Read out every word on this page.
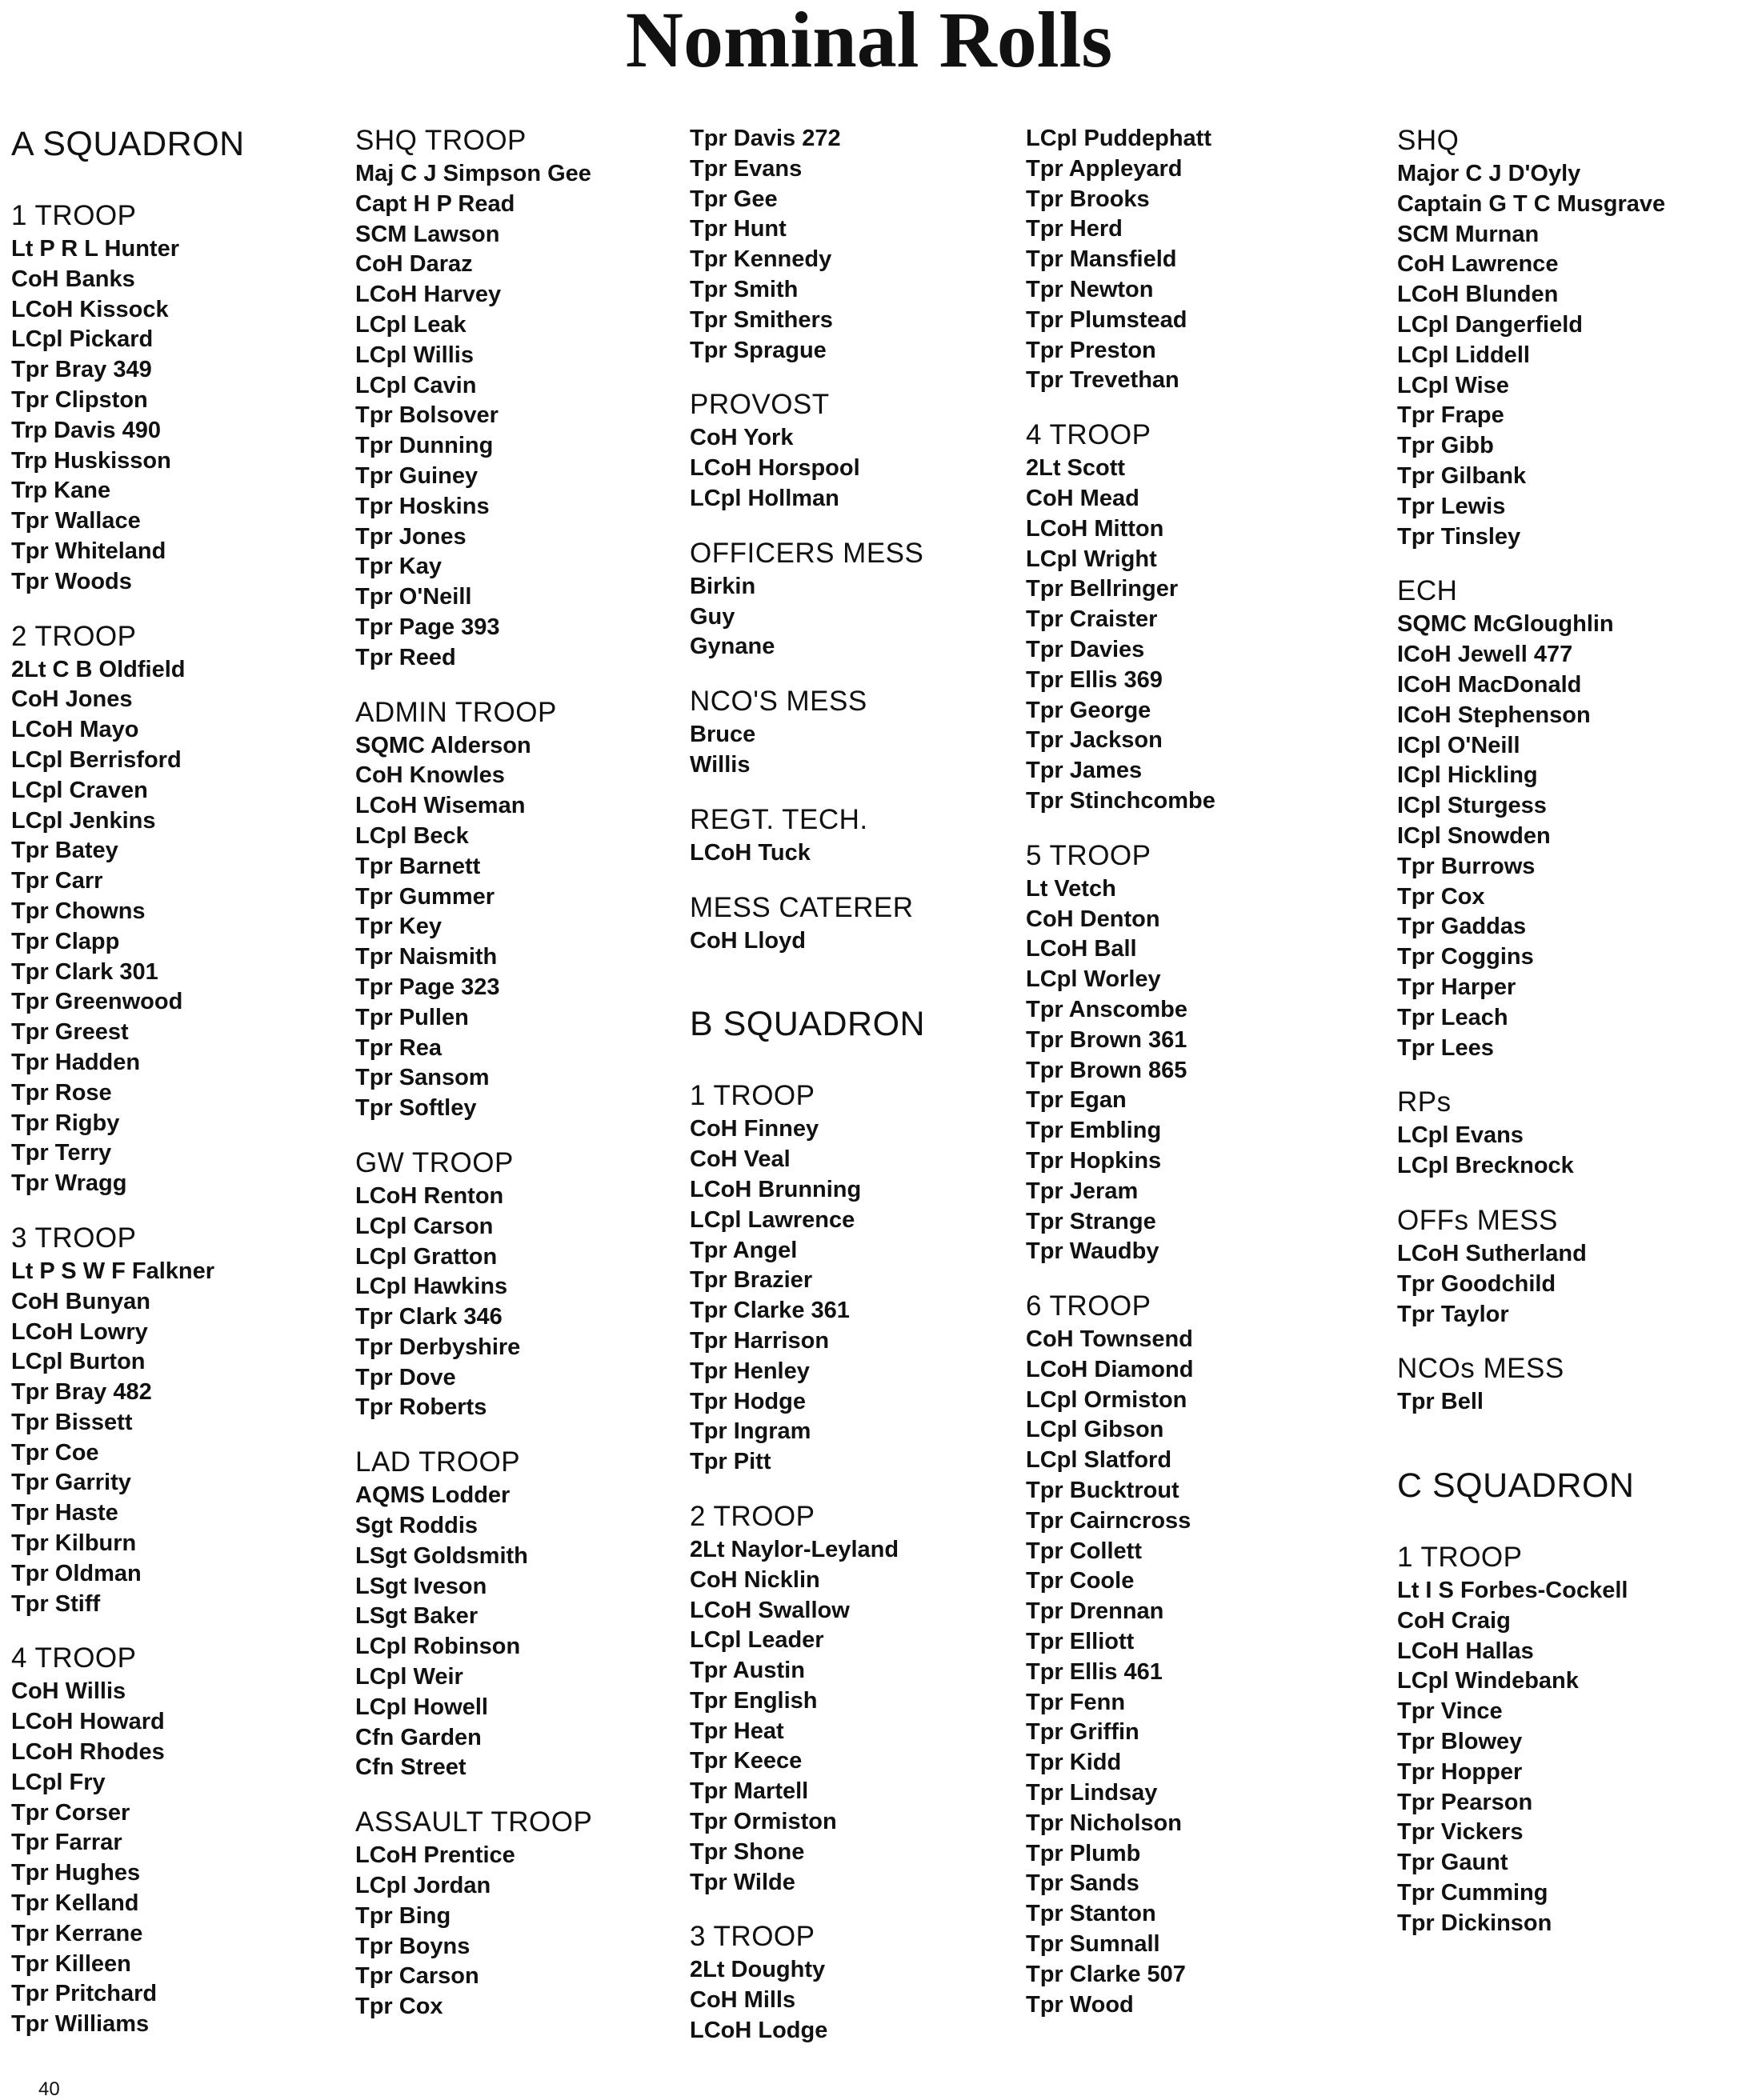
Nominal Rolls
A SQUADRON
1 TROOP
Lt P R L Hunter
CoH Banks
LCoH Kissock
LCpl Pickard
Tpr Bray 349
Tpr Clipston
Trp Davis 490
Trp Huskisson
Trp Kane
Tpr Wallace
Tpr Whiteland
Tpr Woods
2 TROOP
2Lt C B Oldfield
CoH Jones
LCoH Mayo
LCpl Berrisford
LCpl Craven
LCpl Jenkins
Tpr Batey
Tpr Carr
Tpr Chowns
Tpr Clapp
Tpr Clark 301
Tpr Greenwood
Tpr Greest
Tpr Hadden
Tpr Rose
Tpr Rigby
Tpr Terry
Tpr Wragg
3 TROOP
Lt P S W F Falkner
CoH Bunyan
LCoH Lowry
LCpl Burton
Tpr Bray 482
Tpr Bissett
Tpr Coe
Tpr Garrity
Tpr Haste
Tpr Kilburn
Tpr Oldman
Tpr Stiff
4 TROOP
CoH Willis
LCoH Howard
LCoH Rhodes
LCpl Fry
Tpr Corser
Tpr Farrar
Tpr Hughes
Tpr Kelland
Tpr Kerrane
Tpr Killeen
Tpr Pritchard
Tpr Williams
SHQ TROOP
Maj C J Simpson Gee
Capt H P Read
SCM Lawson
CoH Daraz
LCoH Harvey
LCpl Leak
LCpl Willis
LCpl Cavin
Tpr Bolsover
Tpr Dunning
Tpr Guiney
Tpr Hoskins
Tpr Jones
Tpr Kay
Tpr O'Neill
Tpr Page 393
Tpr Reed
ADMIN TROOP
SQMC Alderson
CoH Knowles
LCoH Wiseman
LCpl Beck
Tpr Barnett
Tpr Gummer
Tpr Key
Tpr Naismith
Tpr Page 323
Tpr Pullen
Tpr Rea
Tpr Sansom
Tpr Softley
GW TROOP
LCoH Renton
LCpl Carson
LCpl Gratton
LCpl Hawkins
Tpr Clark 346
Tpr Derbyshire
Tpr Dove
Tpr Roberts
LAD TROOP
AQMS Lodder
Sgt Roddis
LSgt Goldsmith
LSgt Iveson
LSgt Baker
LCpl Robinson
LCpl Weir
LCpl Howell
Cfn Garden
Cfn Street
ASSAULT TROOP
LCoH Prentice
LCpl Jordan
Tpr Bing
Tpr Boyns
Tpr Carson
Tpr Cox
Tpr Davis 272
Tpr Evans
Tpr Gee
Tpr Hunt
Tpr Kennedy
Tpr Smith
Tpr Smithers
Tpr Sprague
PROVOST
CoH York
LCoH Horspool
LCpl Hollman
OFFICERS MESS
Birkin
Guy
Gynane
NCO'S MESS
Bruce
Willis
REGT. TECH.
LCoH Tuck
MESS CATERER
CoH Lloyd
B SQUADRON
1 TROOP
CoH Finney
CoH Veal
LCoH Brunning
LCpl Lawrence
Tpr Angel
Tpr Brazier
Tpr Clarke 361
Tpr Harrison
Tpr Henley
Tpr Hodge
Tpr Ingram
Tpr Pitt
2 TROOP
2Lt Naylor-Leyland
CoH Nicklin
LCoH Swallow
LCpl Leader
Tpr Austin
Tpr English
Tpr Heat
Tpr Keece
Tpr Martell
Tpr Ormiston
Tpr Shone
Tpr Wilde
3 TROOP
2Lt Doughty
CoH Mills
LCoH Lodge
LCpl Puddephatt
Tpr Appleyard
Tpr Brooks
Tpr Herd
Tpr Mansfield
Tpr Newton
Tpr Plumstead
Tpr Preston
Tpr Trevethan
4 TROOP
2Lt Scott
CoH Mead
LCoH Mitton
LCpl Wright
Tpr Bellringer
Tpr Craister
Tpr Davies
Tpr Ellis 369
Tpr George
Tpr Jackson
Tpr James
Tpr Stinchcombe
5 TROOP
Lt Vetch
CoH Denton
LCoH Ball
LCpl Worley
Tpr Anscombe
Tpr Brown 361
Tpr Brown 865
Tpr Egan
Tpr Embling
Tpr Hopkins
Tpr Jeram
Tpr Strange
Tpr Waudby
6 TROOP
CoH Townsend
LCoH Diamond
LCpl Ormiston
LCpl Gibson
LCpl Slatford
Tpr Bucktrout
Tpr Cairncross
Tpr Collett
Tpr Coole
Tpr Drennan
Tpr Elliott
Tpr Ellis 461
Tpr Fenn
Tpr Griffin
Tpr Kidd
Tpr Lindsay
Tpr Nicholson
Tpr Plumb
Tpr Sands
Tpr Stanton
Tpr Sumnall
Tpr Clarke 507
Tpr Wood
SHQ
Major C J D'Oyly
Captain G T C Musgrave
SCM Murnan
CoH Lawrence
LCoH Blunden
LCpl Dangerfield
LCpl Liddell
LCpl Wise
Tpr Frape
Tpr Gibb
Tpr Gilbank
Tpr Lewis
Tpr Tinsley
ECH
SQMC McGloughlin
ICoH Jewell 477
ICoH MacDonald
ICoH Stephenson
ICpl O'Neill
ICpl Hickling
ICpl Sturgess
ICpl Snowden
Tpr Burrows
Tpr Cox
Tpr Gaddas
Tpr Coggins
Tpr Harper
Tpr Leach
Tpr Lees
RPs
LCpl Evans
LCpl Brecknock
OFFs MESS
LCoH Sutherland
Tpr Goodchild
Tpr Taylor
NCOs MESS
Tpr Bell
C SQUADRON
1 TROOP
Lt I S Forbes-Cockell
CoH Craig
LCoH Hallas
LCpl Windebank
Tpr Vince
Tpr Blowey
Tpr Hopper
Tpr Pearson
Tpr Vickers
Tpr Gaunt
Tpr Cumming
Tpr Dickinson
40
